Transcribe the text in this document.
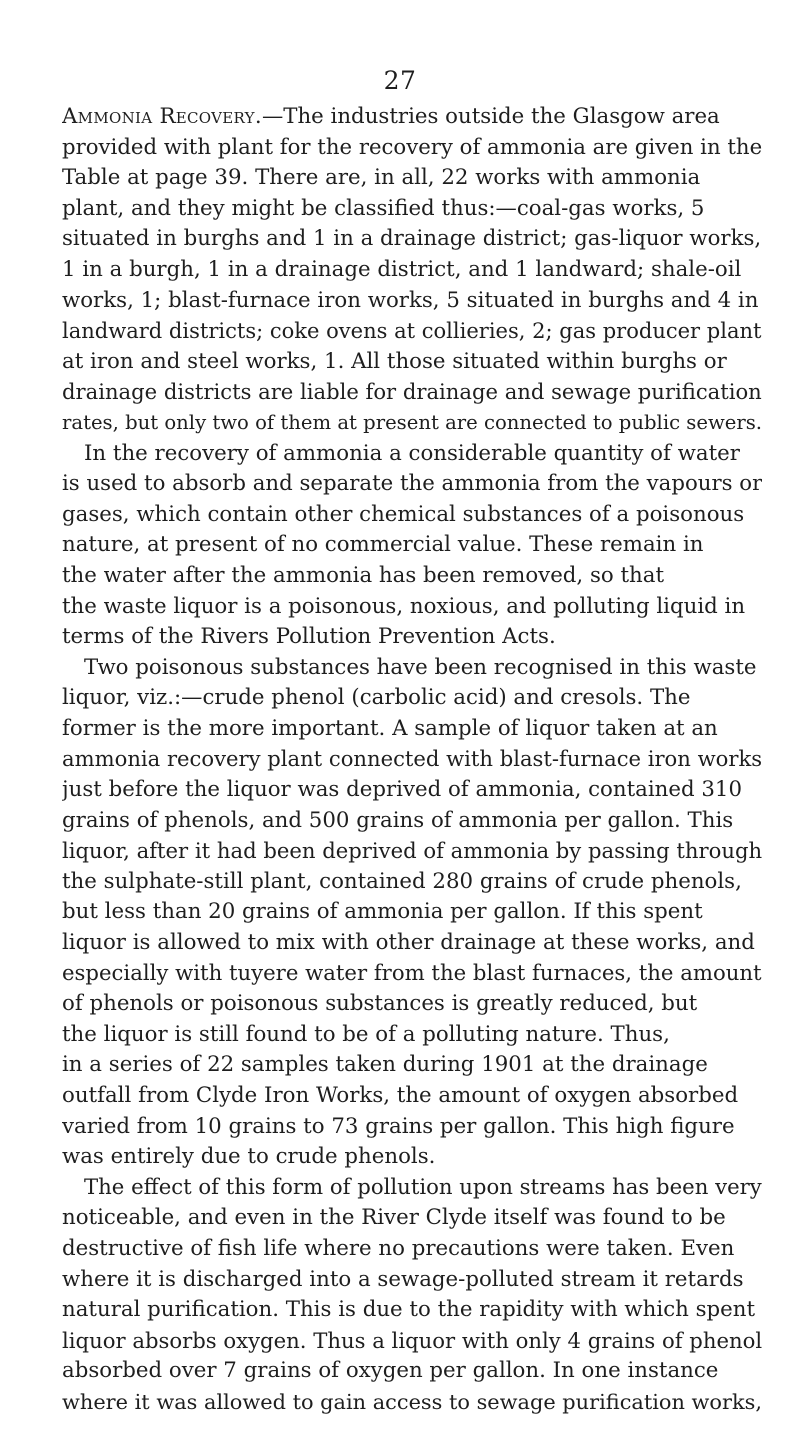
27
Ammonia Recovery.—The industries outside the Glasgow area
provided with plant for the recovery of ammonia are given in the
Table at page 39. There are, in all, 22 works with ammonia
plant, and they might be classified thus:—coal-gas works, 5
situated in burghs and 1 in a drainage district; gas-liquor works,
1 in a burgh, 1 in a drainage district, and 1 landward; shale-oil
works, 1; blast-furnace iron works, 5 situated in burghs and 4 in
landward districts; coke ovens at collieries, 2; gas producer plant
at iron and steel works, 1. All those situated within burghs or
drainage districts are liable for drainage and sewage purification
rates, but only two of them at present are connected to public sewers.
In the recovery of ammonia a considerable quantity of water
is used to absorb and separate the ammonia from the vapours or
gases, which contain other chemical substances of a poisonous
nature, at present of no commercial value. These remain in
the water after the ammonia has been removed, so that
the waste liquor is a poisonous, noxious, and polluting liquid in
terms of the Rivers Pollution Prevention Acts.
Two poisonous substances have been recognised in this waste
liquor, viz.:—crude phenol (carbolic acid) and cresols. The
former is the more important. A sample of liquor taken at an
ammonia recovery plant connected with blast-furnace iron works
just before the liquor was deprived of ammonia, contained 310
grains of phenols, and 500 grains of ammonia per gallon. This
liquor, after it had been deprived of ammonia by passing through
the sulphate-still plant, contained 280 grains of crude phenols,
but less than 20 grains of ammonia per gallon. If this spent
liquor is allowed to mix with other drainage at these works, and
especially with tuyere water from the blast furnaces, the amount
of phenols or poisonous substances is greatly reduced, but
the liquor is still found to be of a polluting nature. Thus,
in a series of 22 samples taken during 1901 at the drainage
outfall from Clyde Iron Works, the amount of oxygen absorbed
varied from 10 grains to 73 grains per gallon. This high figure
was entirely due to crude phenols.
The effect of this form of pollution upon streams has been very
noticeable, and even in the River Clyde itself was found to be
destructive of fish life where no precautions were taken. Even
where it is discharged into a sewage-polluted stream it retards
natural purification. This is due to the rapidity with which spent
liquor absorbs oxygen. Thus a liquor with only 4 grains of phenol
absorbed over 7 grains of oxygen per gallon. In one instance
where it was allowed to gain access to sewage purification works,
